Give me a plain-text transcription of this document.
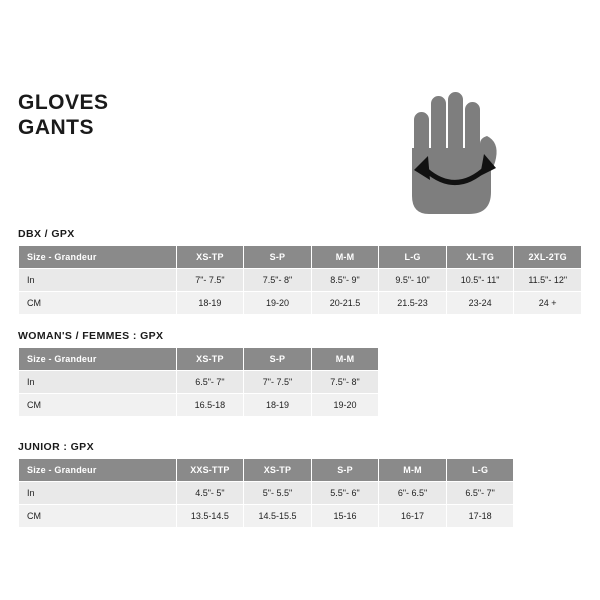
GLOVES
GANTS
DBX / GPX
Size - Grandeur	XS-TP	S-P	M-M	L-G	XL-TG	2XL-2TG
In	7"- 7.5"	7.5"- 8"	8.5"- 9"	9.5"- 10"	10.5"- 11"	11.5"- 12"
CM	18-19	19-20	20-21.5	21.5-23	23-24	24 +
WOMAN'S / FEMMES : GPX
Size - Grandeur	XS-TP	S-P	M-M	
In	6.5"- 7"	7"- 7.5"	7.5"- 8"	
CM	16.5-18	18-19	19-20	
JUNIOR : GPX
Size - Grandeur	XXS-TTP	XS-TP	S-P	M-M	L-G	
In	4.5"- 5"	5"- 5.5"	5.5"- 6"	6"- 6.5"	6.5"- 7"	
CM	13.5-14.5	14.5-15.5	15-16	16-17	17-18	
